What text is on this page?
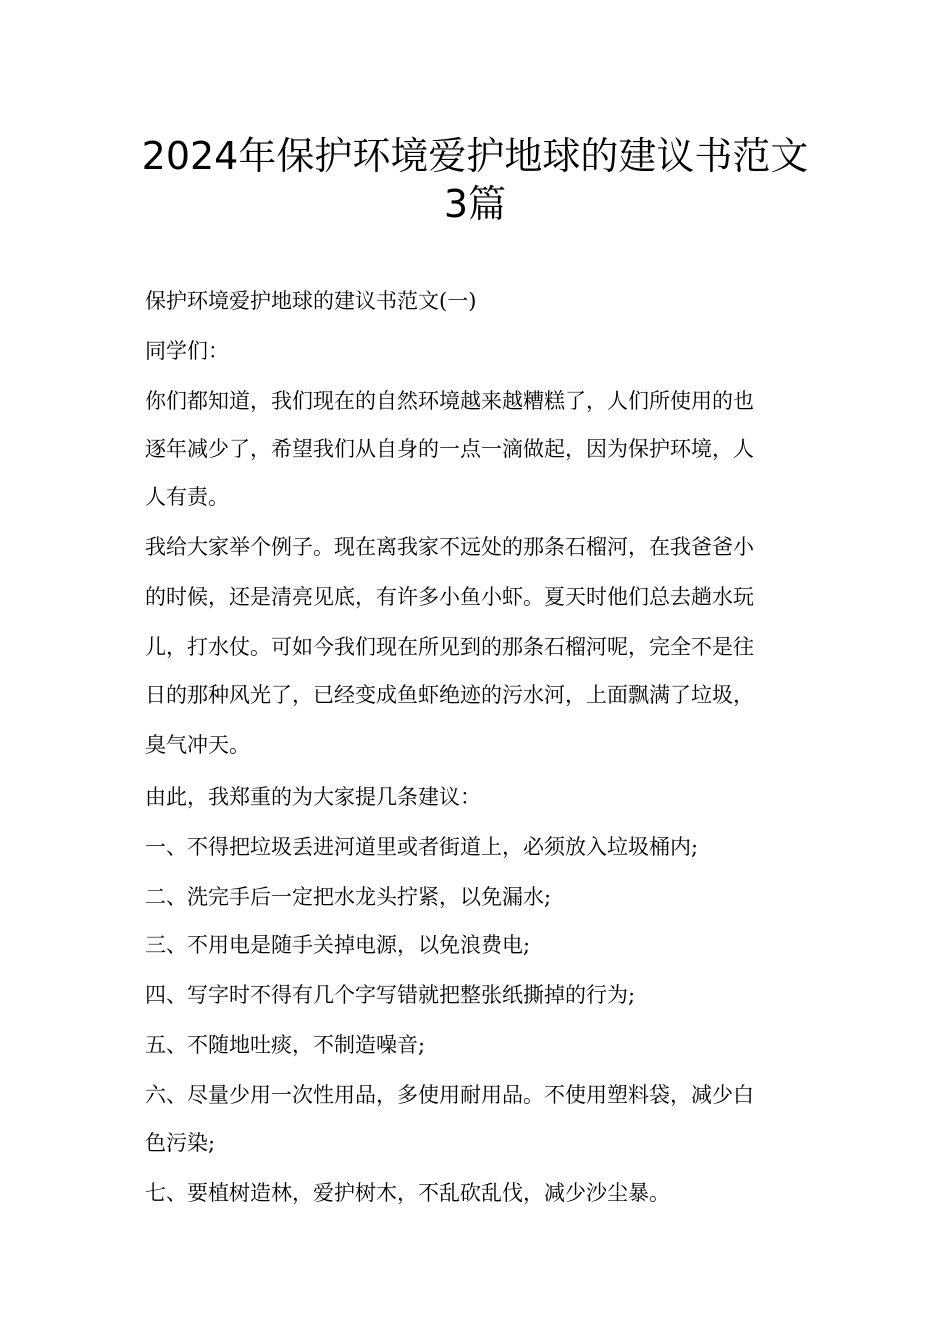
2024年保护环境爱护地球的建议书范文
3篇

保护环境爱护地球的建议书范文(一)

同学们：

你们都知道，我们现在的自然环境越来越糟糕了，人们所使用的也

逐年减少了，希望我们从自身的一点一滴做起，因为保护环境，人

人有责。

我给大家举个例子。现在离我家不远处的那条石榴河，在我爸爸小

的时候，还是清亮见底，有许多小鱼小虾。夏天时他们总去趟水玩

儿，打水仗。可如今我们现在所见到的那条石榴河呢，完全不是往

日的那种风光了，已经变成鱼虾绝迹的污水河，上面飘满了垃圾，

臭气冲天。

由此，我郑重的为大家提几条建议：

一、不得把垃圾丢进河道里或者街道上，必须放入垃圾桶内;

二、洗完手后一定把水龙头拧紧，以免漏水;

三、不用电是随手关掉电源，以免浪费电;

四、写字时不得有几个字写错就把整张纸撕掉的行为;

五、不随地吐痰，不制造噪音;

六、尽量少用一次性用品，多使用耐用品。不使用塑料袋，减少白

色污染;

七、要植树造林，爱护树木，不乱砍乱伐，减少沙尘暴。
